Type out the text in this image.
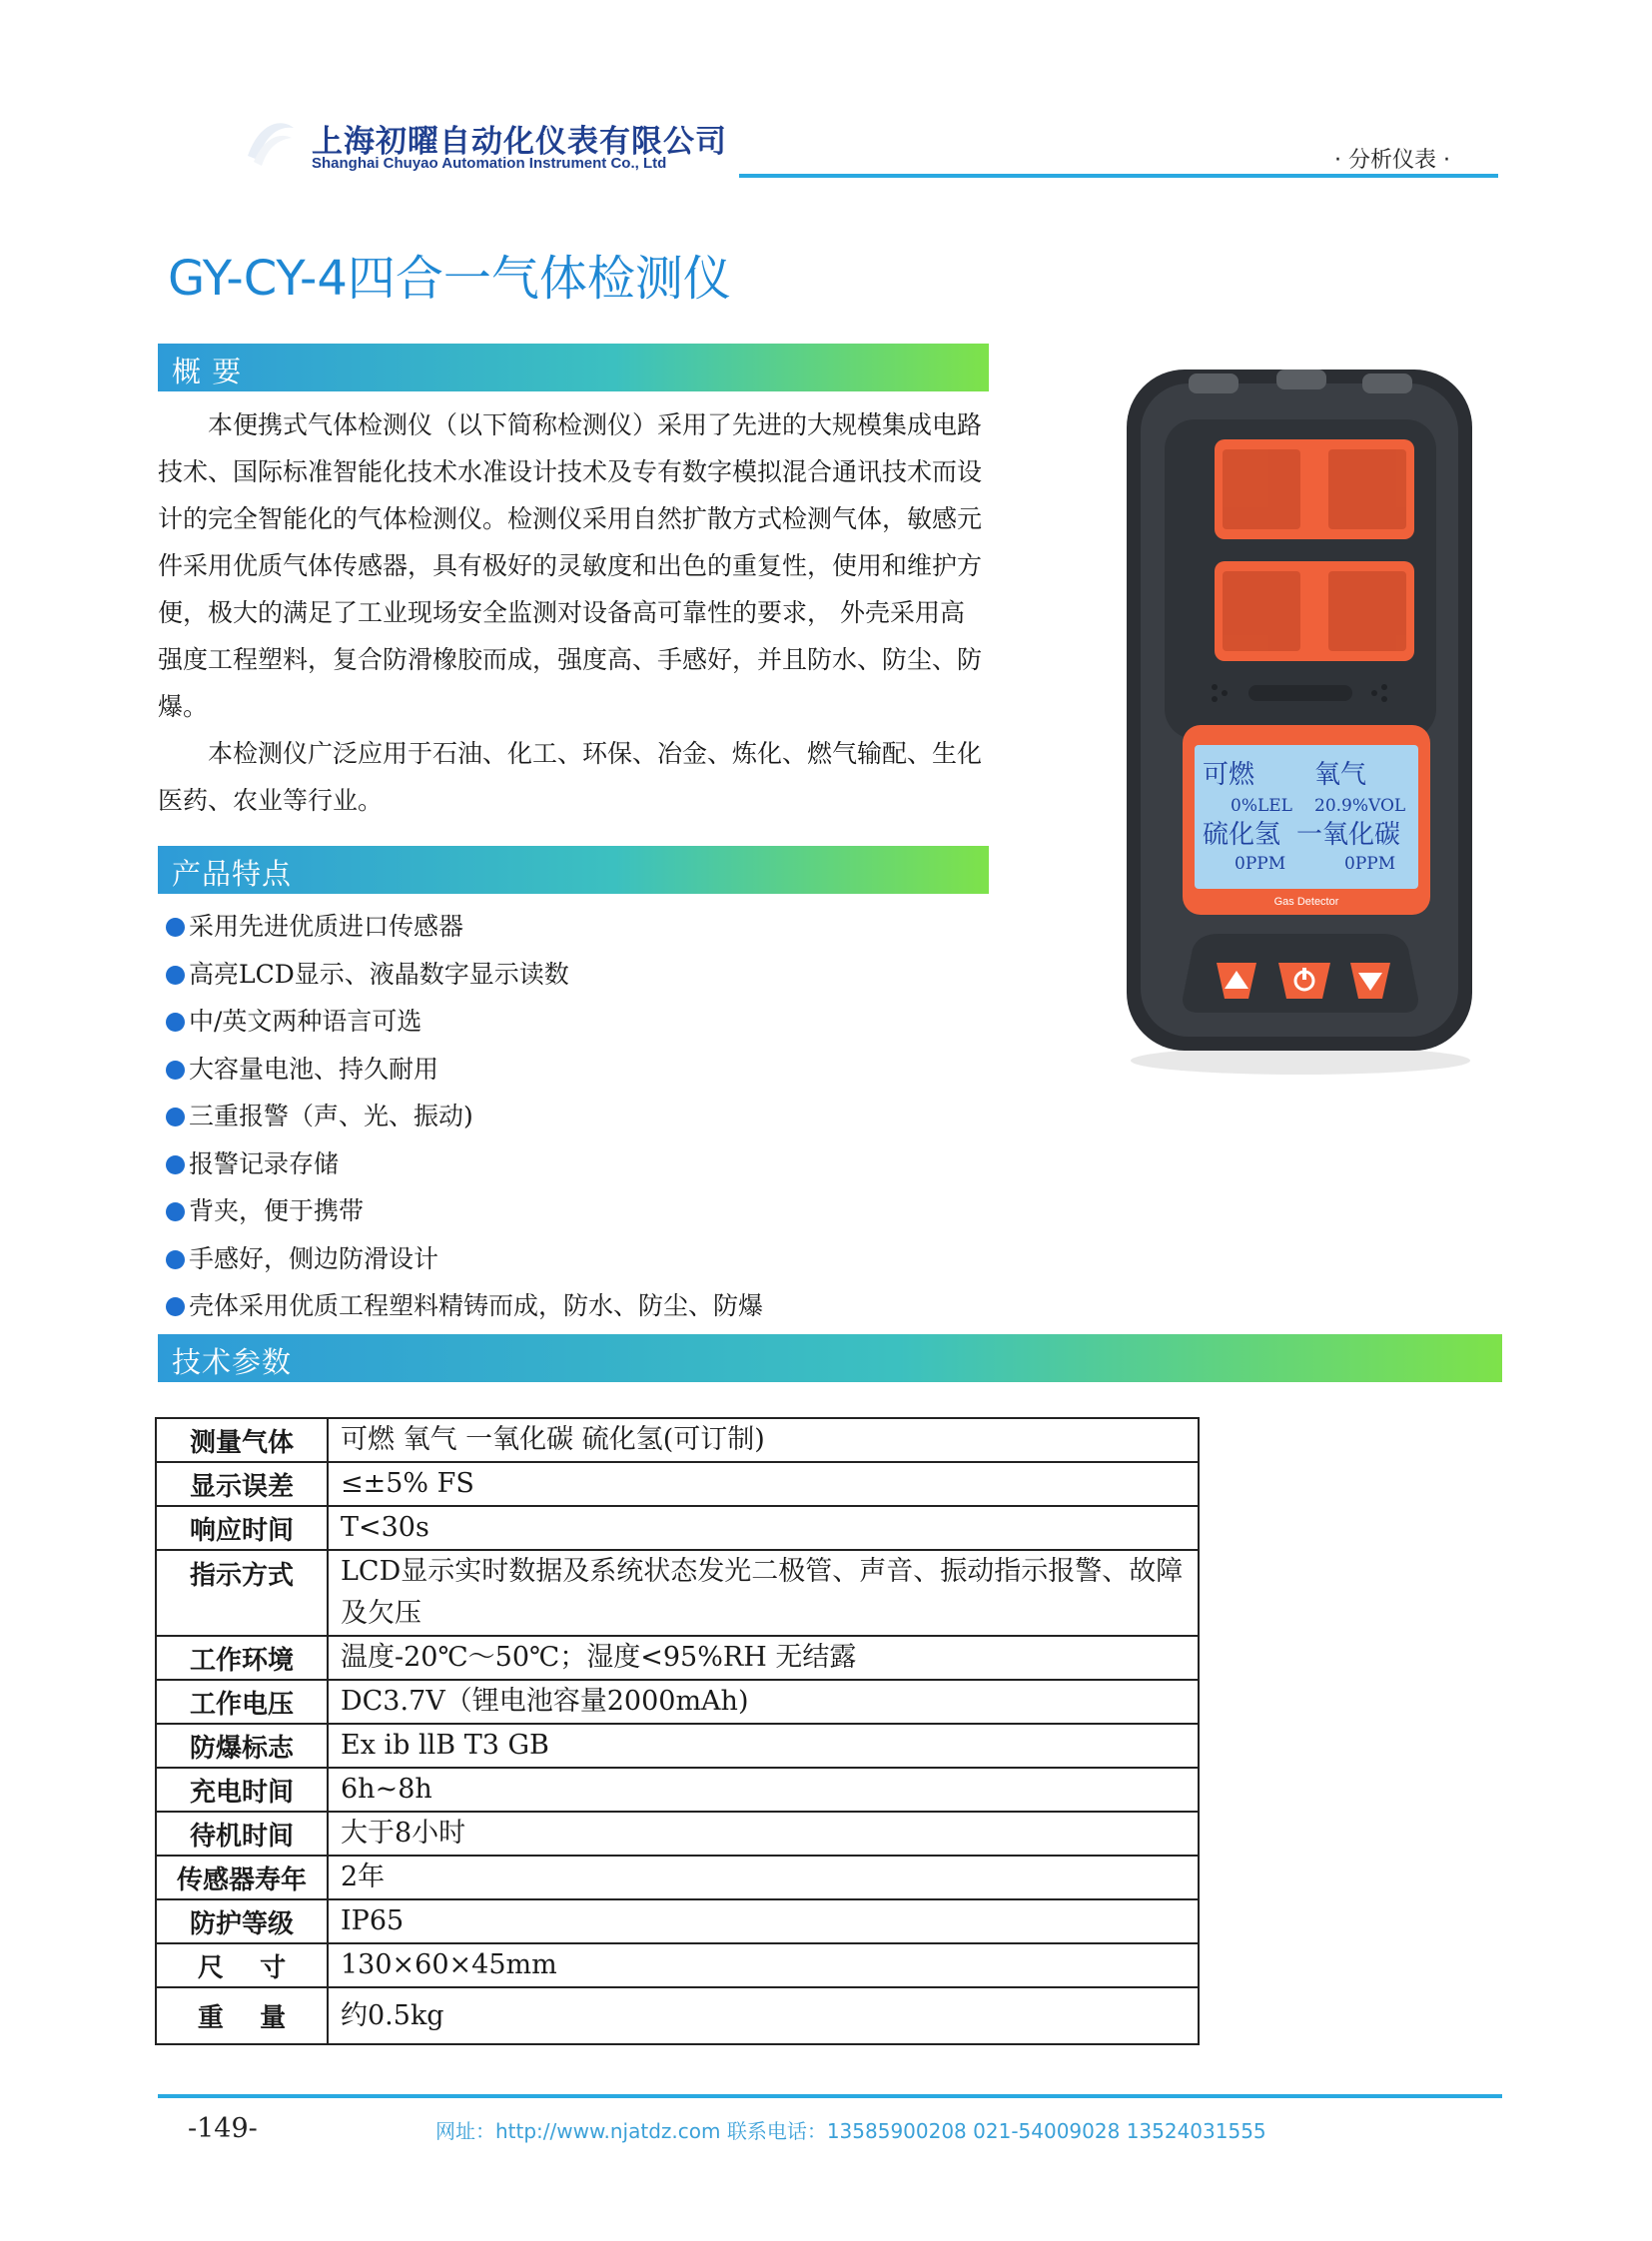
上海初曜自动化仪表有限公司
Shanghai Chuyao Automation Instrument Co., Ltd	· 分析仪表 ·
GY-CY-4四合一气体检测仪
概 要

本便携式气体检测仪（以下简称检测仪）采用了先进的大规模集成电路技术、国际标准智能化技术水准设计技术及专有数字模拟混合通讯技术而设计的完全智能化的气体检测仪。检测仪采用自然扩散方式检测气体，敏感元件采用优质气体传感器，具有极好的灵敏度和出色的重复性，使用和维护方便，极大的满足了工业现场安全监测对设备高可靠性的要求， 外壳采用高强度工程塑料，复合防滑橡胶而成，强度高、手感好，并且防水、防尘、防爆。

本检测仪广泛应用于石油、化工、环保、冶金、炼化、燃气输配、生化医药、农业等行业。

产品特点
采用先进优质进口传感器
高亮LCD显示、液晶数字显示读数
中/英文两种语言可选
大容量电池、持久耐用
三重报警（声、光、振动)
报警记录存储
背夹，便于携带
手感好，侧边防滑设计
壳体采用优质工程塑料精铸而成，防水、防尘、防爆
可燃 氧气
0%LEL 20.9%VOL
硫化氢 一氧化碳
0PPM	0PPM
Gas Detector
技术参数
测量气体	可燃 氧气 一氧化碳 硫化氢(可订制)
显示误差	≤±5% FS
响应时间	T<30s
指示方式	LCD显示实时数据及系统状态发光二极管、声音、振动指示报警、故障及欠压
工作环境	温度-20℃～50℃；湿度<95%RH 无结露
工作电压	DC3.7V（锂电池容量2000mAh)
防爆标志	Ex ib llB T3 GB
充电时间	6h~8h
待机时间	大于8小时
传感器寿年	2年
防护等级	IP65
尺    寸	130×60×45mm
重    量	约0.5kg
-149-	网址：http://www.njatdz.com 联系电话：13585900208 021-54009028 13524031555
